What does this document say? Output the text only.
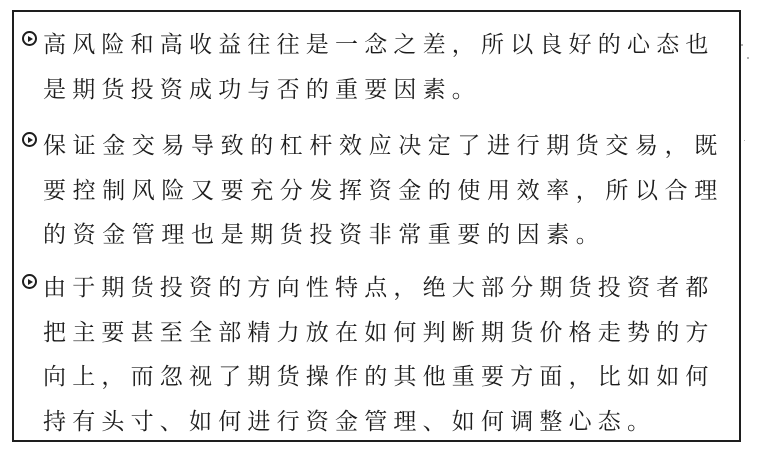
高风险和高收益往往是一念之差，所以良好的心态也是期货投资成功与否的重要因素。

保证金交易导致的杠杆效应决定了进行期货交易，既要控制风险又要充分发挥资金的使用效率，所以合理的资金管理也是期货投资非常重要的因素。

由于期货投资的方向性特点，绝大部分期货投资者都把主要甚至全部精力放在如何判断期货价格走势的方向上，而忽视了期货操作的其他重要方面，比如如何持有头寸、如何进行资金管理、如何调整心态。
